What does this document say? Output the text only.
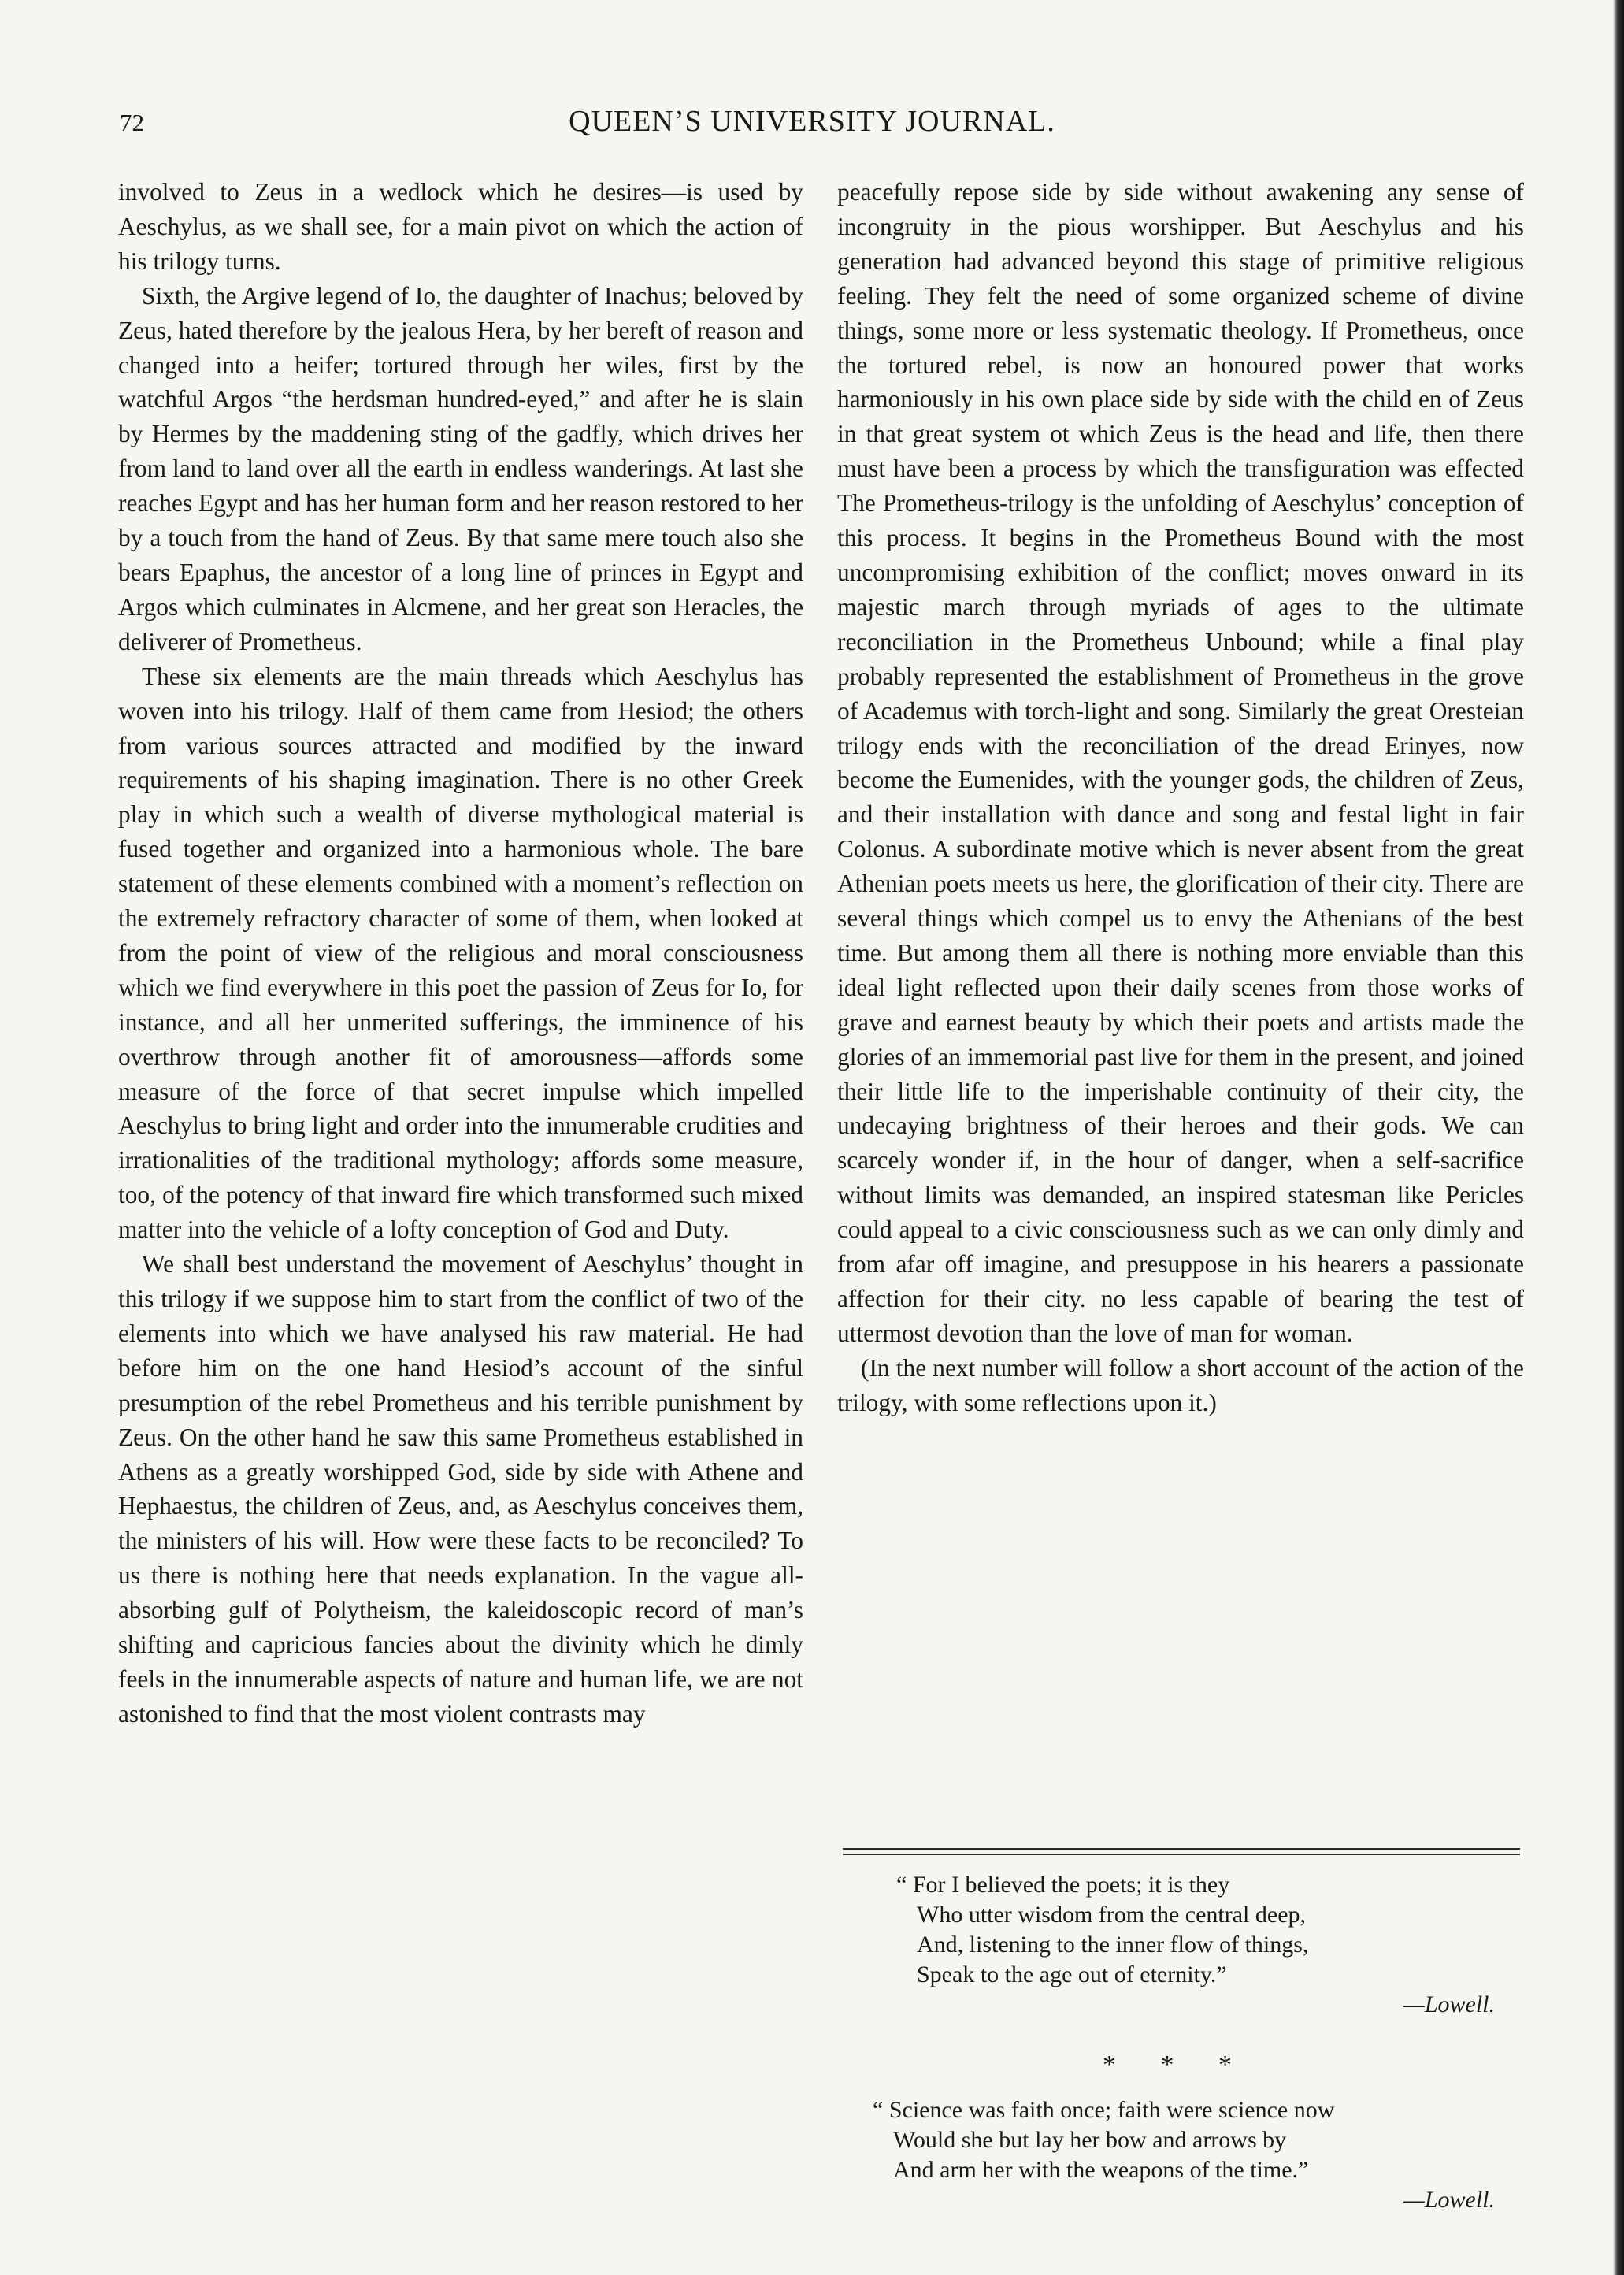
72	QUEEN’S UNIVERSITY JOURNAL.

involved to Zeus in a wedlock which he desires—is used by Aeschylus, as we shall see, for a main pivot on which the action of his trilogy turns.

Sixth, the Argive legend of Io, the daughter of Inachus; beloved by Zeus, hated therefore by the jealous Hera, by her bereft of reason and changed into a heifer; tortured through her wiles, first by the watchful Argos “the herdsman hundred-eyed,” and after he is slain by Hermes by the maddening sting of the gadfly, which drives her from land to land over all the earth in endless wanderings. At last she reaches Egypt and has her human form and her reason restored to her by a touch from the hand of Zeus. By that same mere touch also she bears Epaphus, the ancestor of a long line of princes in Egypt and Argos which culminates in Alcmene, and her great son Heracles, the deliverer of Prometheus.

These six elements are the main threads which Aeschylus has woven into his trilogy. Half of them came from Hesiod; the others from various sources attracted and modified by the inward requirements of his shaping imagination. There is no other Greek play in which such a wealth of diverse mythological material is fused together and organized into a harmonious whole. The bare statement of these elements combined with a moment’s reflection on the extremely refractory character of some of them, when looked at from the point of view of the religious and moral consciousness which we find everywhere in this poet the passion of Zeus for Io, for instance, and all her unmerited sufferings, the imminence of his overthrow through another fit of amorousness—affords some measure of the force of that secret impulse which impelled Aeschylus to bring light and order into the innumerable crudities and irrationalities of the traditional mythology; affords some measure, too, of the potency of that inward fire which transformed such mixed matter into the vehicle of a lofty conception of God and Duty.

We shall best understand the movement of Aeschylus’ thought in this trilogy if we suppose him to start from the conflict of two of the elements into which we have analysed his raw material. He had before him on the one hand Hesiod’s account of the sinful presumption of the rebel Prometheus and his terrible punishment by Zeus. On the other hand he saw this same Prometheus established in Athens as a greatly worshipped God, side by side with Athene and Hephaestus, the children of Zeus, and, as Aeschylus conceives them, the ministers of his will. How were these facts to be reconciled? To us there is nothing here that needs explanation. In the vague all-absorbing gulf of Polytheism, the kaleidoscopic record of man’s shifting and capricious fancies about the divinity which he dimly feels in the innumerable aspects of nature and human life, we are not astonished to find that the most violent contrasts may

peacefully repose side by side without awakening any sense of incongruity in the pious worshipper. But Aeschylus and his generation had advanced beyond this stage of primitive religious feeling. They felt the need of some organized scheme of divine things, some more or less systematic theology. If Prometheus, once the tortured rebel, is now an honoured power that works harmoniously in his own place side by side with the child en of Zeus in that great system ot which Zeus is the head and life, then there must have been a process by which the transfiguration was effected The Prometheus-trilogy is the unfolding of Aeschylus’ conception of this process. It begins in the Prometheus Bound with the most uncompromising exhibition of the conflict; moves onward in its majestic march through myriads of ages to the ultimate reconciliation in the Prometheus Unbound; while a final play probably represented the establishment of Prometheus in the grove of Academus with torch-light and song. Similarly the great Oresteian trilogy ends with the reconciliation of the dread Erinyes, now become the Eumenides, with the younger gods, the children of Zeus, and their installation with dance and song and festal light in fair Colonus. A subordinate motive which is never absent from the great Athenian poets meets us here, the glorification of their city. There are several things which compel us to envy the Athenians of the best time. But among them all there is nothing more enviable than this ideal light reflected upon their daily scenes from those works of grave and earnest beauty by which their poets and artists made the glories of an immemorial past live for them in the present, and joined their little life to the imperishable continuity of their city, the undecaying brightness of their heroes and their gods. We can scarcely wonder if, in the hour of danger, when a self-sacrifice without limits was demanded, an inspired statesman like Pericles could appeal to a civic consciousness such as we can only dimly and from afar off imagine, and presuppose in his hearers a passionate affection for their city. no less capable of bearing the test of uttermost devotion than the love of man for woman.

(In the next number will follow a short account of the action of the trilogy, with some reflections upon it.)

“ For I believed the poets; it is they
Who utter wisdom from the central deep,
And, listening to the inner flow of things,
Speak to the age out of eternity.”
—Lowell.
* * *
“ Science was faith once; faith were science now
Would she but lay her bow and arrows by
And arm her with the weapons of the time.”
—Lowell.
